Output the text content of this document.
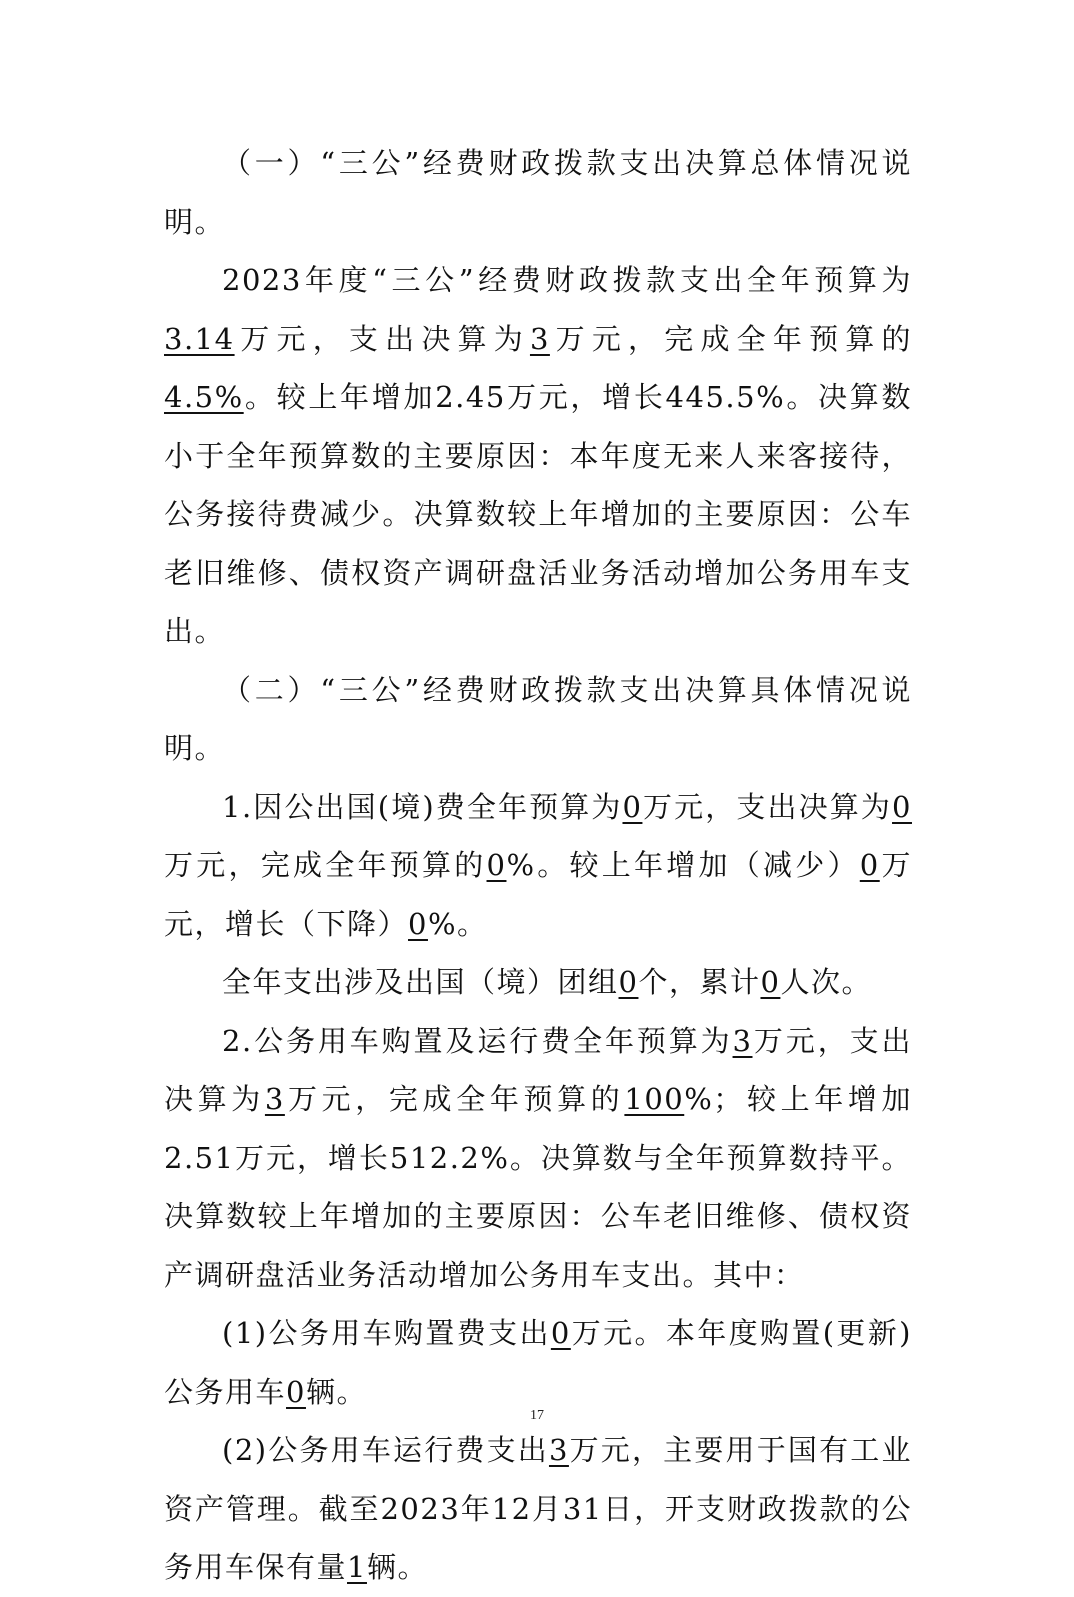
（一）“三公”经费财政拨款支出决算总体情况说明。

2023年度“三公”经费财政拨款支出全年预算为3.14万元，支出决算为3万元，完成全年预算的4.5%。较上年增加2.45万元，增长445.5%。决算数小于全年预算数的主要原因：本年度无来人来客接待，公务接待费减少。决算数较上年增加的主要原因：公车老旧维修、债权资产调研盘活业务活动增加公务用车支出。

（二）“三公”经费财政拨款支出决算具体情况说明。

1.因公出国(境)费全年预算为0万元，支出决算为0万元，完成全年预算的0%。较上年增加（减少）0万元，增长（下降）0%。

全年支出涉及出国（境）团组0个，累计0人次。

2.公务用车购置及运行费全年预算为3万元，支出决算为3万元，完成全年预算的100%；较上年增加2.51万元，增长512.2%。决算数与全年预算数持平。决算数较上年增加的主要原因：公车老旧维修、债权资产调研盘活业务活动增加公务用车支出。其中：

(1)公务用车购置费支出0万元。本年度购置(更新)公务用车0辆。

(2)公务用车运行费支出3万元，主要用于国有工业资产管理。截至2023年12月31日，开支财政拨款的公务用车保有量1辆。

17
